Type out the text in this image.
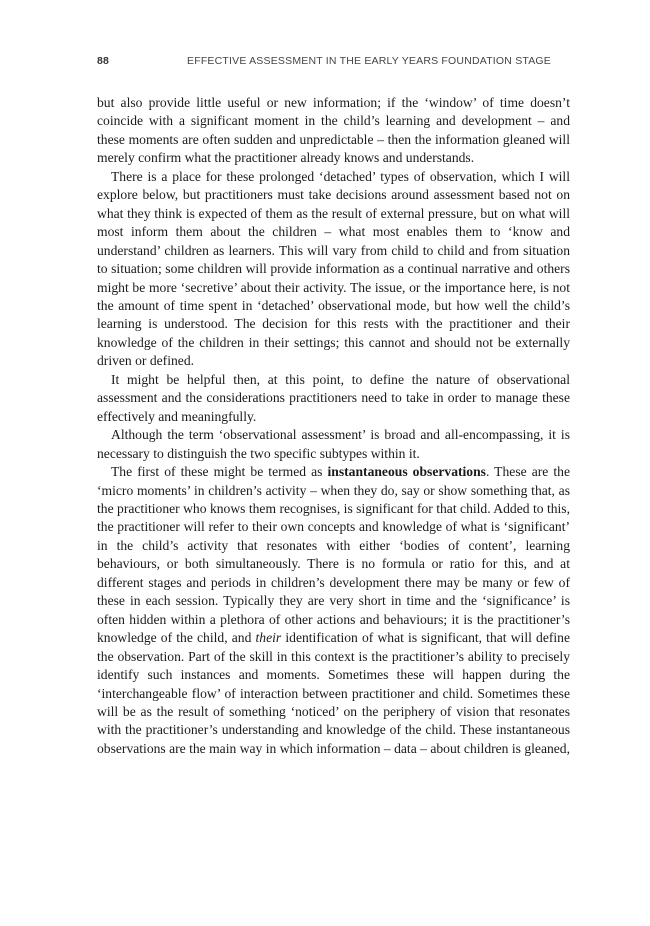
88	EFFECTIVE ASSESSMENT IN THE EARLY YEARS FOUNDATION STAGE

but also provide little useful or new information; if the ‘window’ of time doesn’t coincide with a significant moment in the child’s learning and development – and these moments are often sudden and unpredictable – then the information gleaned will merely confirm what the practitioner already knows and understands.

There is a place for these prolonged ‘detached’ types of observation, which I will explore below, but practitioners must take decisions around assessment based not on what they think is expected of them as the result of external pressure, but on what will most inform them about the children – what most enables them to ‘know and understand’ children as learners. This will vary from child to child and from situation to situation; some children will provide information as a continual narrative and others might be more ‘secretive’ about their activity. The issue, or the importance here, is not the amount of time spent in ‘detached’ observational mode, but how well the child’s learning is understood. The decision for this rests with the practitioner and their knowledge of the children in their settings; this cannot and should not be externally driven or defined.

It might be helpful then, at this point, to define the nature of observational assessment and the considerations practitioners need to take in order to manage these effectively and meaningfully.

Although the term ‘observational assessment’ is broad and all-encompassing, it is necessary to distinguish the two specific subtypes within it.

The first of these might be termed as instantaneous observations. These are the ‘micro moments’ in children’s activity – when they do, say or show something that, as the practitioner who knows them recognises, is significant for that child. Added to this, the practitioner will refer to their own concepts and knowledge of what is ‘significant’ in the child’s activity that resonates with either ‘bodies of content’, learning behaviours, or both simultaneously. There is no formula or ratio for this, and at different stages and periods in children’s development there may be many or few of these in each session. Typically they are very short in time and the ‘significance’ is often hidden within a plethora of other actions and behaviours; it is the practitioner’s knowledge of the child, and their identification of what is significant, that will define the observation. Part of the skill in this context is the practitioner’s ability to precisely identify such instances and moments. Sometimes these will happen during the ‘interchangeable flow’ of interaction between practitioner and child. Sometimes these will be as the result of something ‘noticed’ on the periphery of vision that resonates with the practitioner’s understanding and knowledge of the child. These instantaneous observations are the main way in which information – data – about children is gleaned,
